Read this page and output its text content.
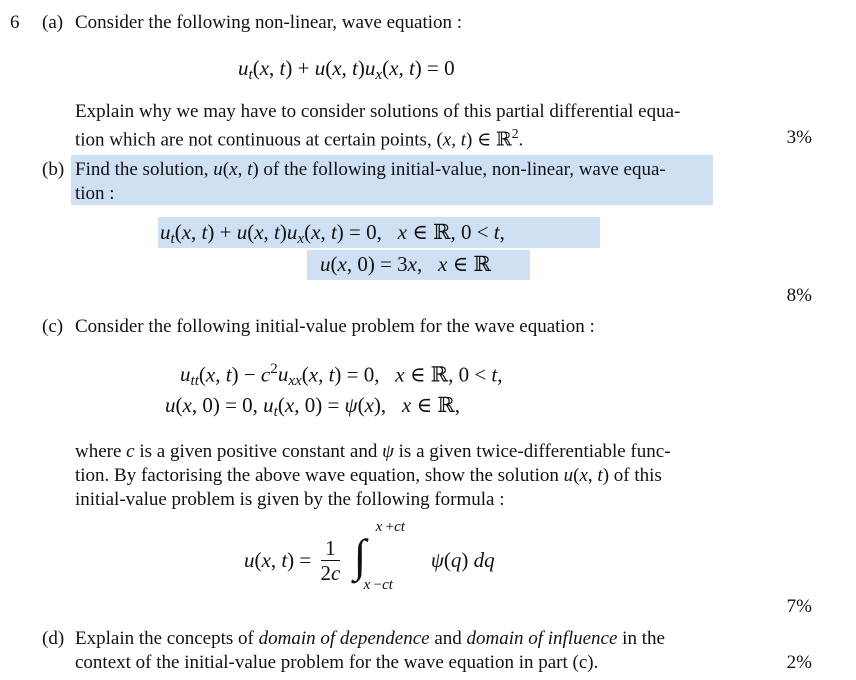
6 (a) Consider the following non-linear, wave equation :
$u_t(x$, t) + u(x, $t)u_x(x$, t) = 0
Explain why we may have to consider solutions of this partial differential equa-
tion which are not continuous at certain points, (x, t) ∈ ℝ$^2$.	3%
(b) Find the solution, u(x, t) of the following initial-value, non-linear, wave equa-
tion :
$u_t(x$, t) + u(x, $t)u_x(x$, t) = 0,   x ∈ ℝ, 0 < t,
u(x, 0) = 3x,   x ∈ ℝ
8%
(c) Consider the following initial-value problem for the wave equation :
$u_{tt}(x$, $t) - c^2u_{xx}(x$, t) = 0,   x ∈ ℝ, 0 < t,
u(x, 0) = 0, $u_t(x$, 0) = ψ(x),   x ∈ ℝ,
where c is a given positive constant and ψ is a given twice-differentiable func-
tion. By factorising the above wave equation, show the solution u(x, t) of this
initial-value problem is given by the following formula :
u(x, $t) = \frac{1}{2c}$
∫
x +ct
x −ct
ψ(q) dq
7%
(d) Explain the concepts of domain of dependence and domain of influence in the
context of the initial-value problem for the wave equation in part (c).	2%
